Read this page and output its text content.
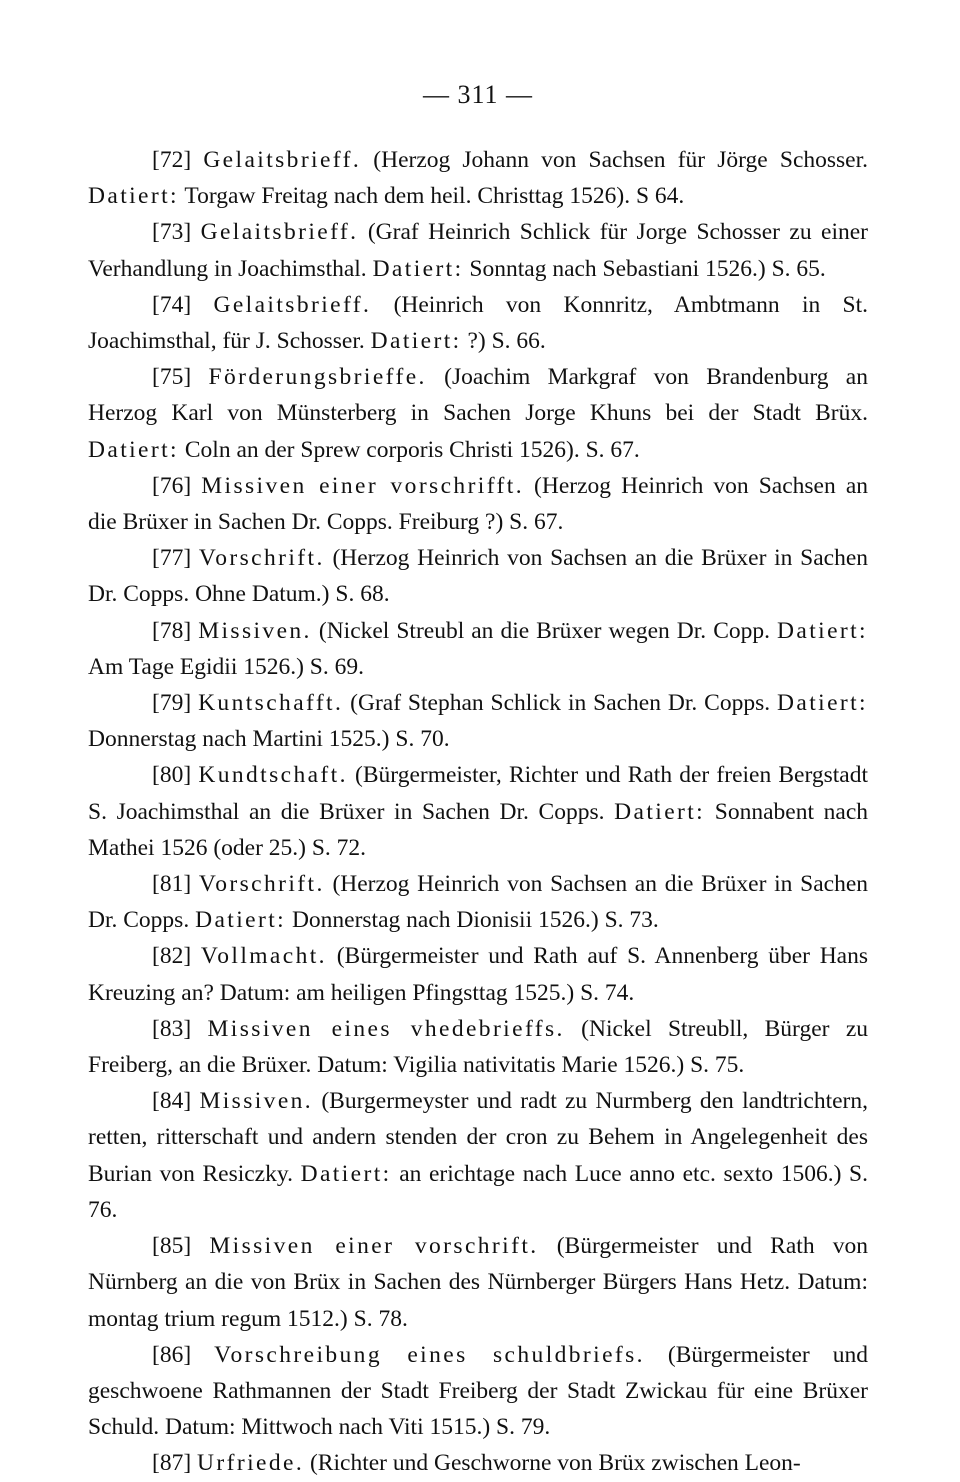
— 311 —

[72] Gelaitsbrieff. (Herzog Johann von Sachsen für Jörge Schosser. Datiert: Torgaw Freitag nach dem heil. Christtag 1526). S 64.

[73] Gelaitsbrieff. (Graf Heinrich Schlick für Jorge Schosser zu einer Verhandlung in Joachimsthal. Datiert: Sonntag nach Sebastiani 1526.) S. 65.

[74] Gelaitsbrieff. (Heinrich von Konnritz, Ambtmann in St. Joachimsthal, für J. Schosser. Datiert: ?) S. 66.

[75] Förderungsbrieffe. (Joachim Markgraf von Brandenburg an Herzog Karl von Münsterberg in Sachen Jorge Khuns bei der Stadt Brüx. Datiert: Coln an der Sprew corporis Christi 1526). S. 67.

[76] Missiven einer vorschrifft. (Herzog Heinrich von Sachsen an die Brüxer in Sachen Dr. Copps. Freiburg ?) S. 67.

[77] Vorschrift. (Herzog Heinrich von Sachsen an die Brüxer in Sachen Dr. Copps. Ohne Datum.) S. 68.

[78] Missiven. (Nickel Streubl an die Brüxer wegen Dr. Copp. Datiert: Am Tage Egidii 1526.) S. 69.

[79] Kuntschafft. (Graf Stephan Schlick in Sachen Dr. Copps. Datiert: Donnerstag nach Martini 1525.) S. 70.

[80] Kundtschaft. (Bürgermeister, Richter und Rath der freien Bergstadt S. Joachimsthal an die Brüxer in Sachen Dr. Copps. Datiert: Sonnabent nach Mathei 1526 (oder 25.) S. 72.

[81] Vorschrift. (Herzog Heinrich von Sachsen an die Brüxer in Sachen Dr. Copps. Datiert: Donnerstag nach Dionisii 1526.) S. 73.

[82] Vollmacht. (Bürgermeister und Rath auf S. Annenberg über Hans Kreuzing an? Datum: am heiligen Pfingsttag 1525.) S. 74.

[83] Missiven eines vhedebrieffs. (Nickel Streubll, Bürger zu Freiberg, an die Brüxer. Datum: Vigilia nativitatis Marie 1526.) S. 75.

[84] Missiven. (Burgermeyster und radt zu Nurmberg den landtrichtern, retten, ritterschaft und andern stenden der cron zu Behem in Angelegenheit des Burian von Resiczky. Datiert: an erichtage nach Luce anno etc. sexto 1506.) S. 76.

[85] Missiven einer vorschrift. (Bürgermeister und Rath von Nürnberg an die von Brüx in Sachen des Nürnberger Bürgers Hans Hetz. Datum: montag trium regum 1512.) S. 78.

[86] Vorschreibung eines schuldbriefs. (Bürgermeister und geschwoene Rathmannen der Stadt Freiberg der Stadt Zwickau für eine Brüxer Schuld. Datum: Mittwoch nach Viti 1515.) S. 79.

[87] Urfriede. (Richter und Geschworne von Brüx zwischen Leon-
